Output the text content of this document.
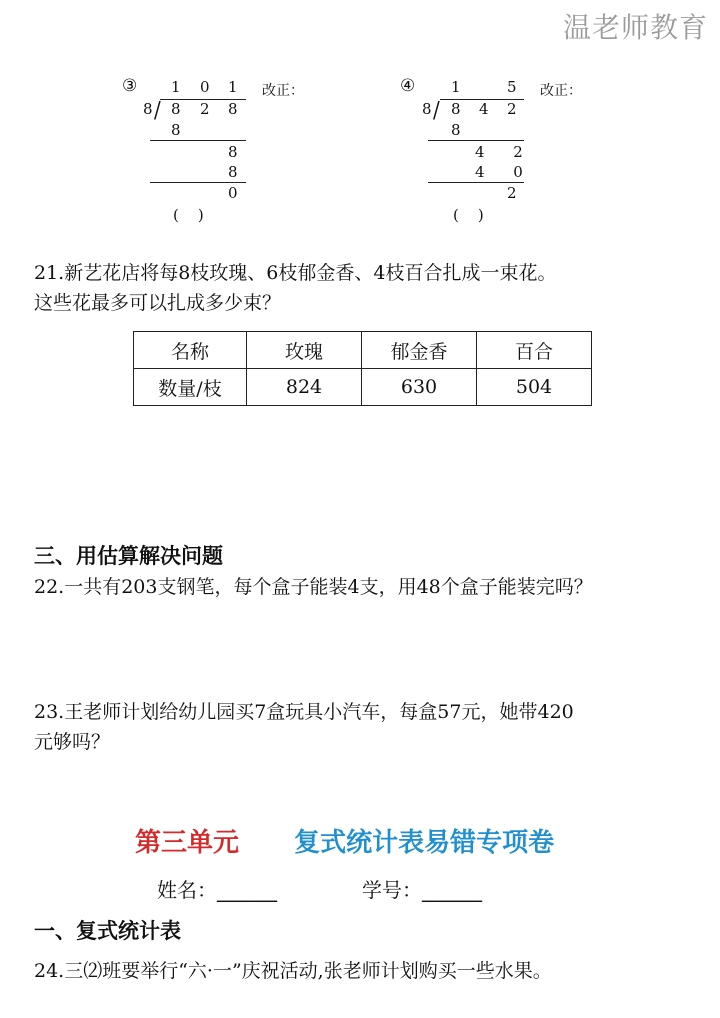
温老师教育
③ 1 0 1
8 / 8 2 8
8
8
8
0
(    )
改正：	④ 1	5
8 / 8 4 2
8
4 2
4 0
2
(    )
改正：
21.新艺花店将每8枝玫瑰、6枝郁金香、4枝百合扎成一束花。
这些花最多可以扎成多少束？
名称	玫瑰	郁金香	百合
数量/枝	824	630	504
三、用估算解决问题
22.一共有203支钢笔，每个盒子能装4支，用48个盒子能装完吗？
23.王老师计划给幼儿园买7盒玩具小汽车，每盒57元，她带420
元够吗？
第三单元 复式统计表易错专项卷
姓名：______	学号：______
一、复式统计表
24.三⑵班要举行“六·一”庆祝活动,张老师计划购买一些水果。
